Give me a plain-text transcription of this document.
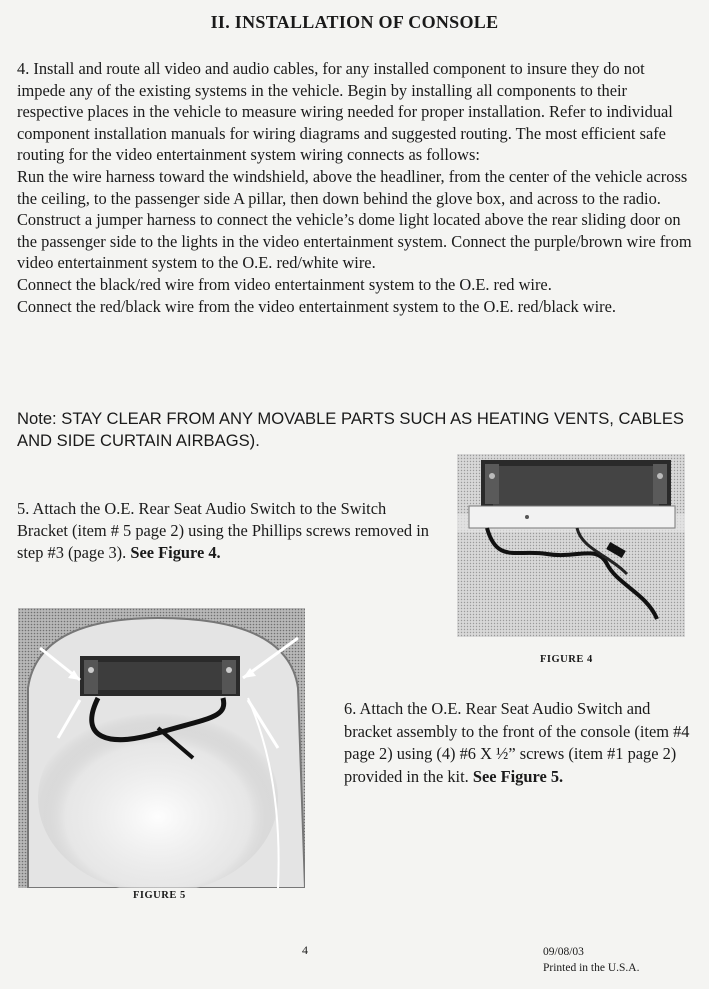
II. INSTALLATION OF CONSOLE

4. Install and route all video and audio cables, for any installed component to insure they do not impede any of the existing systems in the vehicle. Begin by installing all components to their respective places in the vehicle to measure wiring needed for proper installation. Refer to individual component installation manuals for wiring diagrams and suggested routing. The most efficient safe routing for the video entertainment system wiring connects as follows:

Run the wire harness toward the windshield, above the headliner, from the center of the vehicle across the ceiling, to the passenger side A pillar, then down behind the glove box, and across to the radio.

Construct a jumper harness to connect the vehicle’s dome light located above the rear sliding door on the passenger side to the lights in the video entertainment system. Connect the purple/brown wire from video entertainment system to the O.E. red/white wire.

Connect the black/red wire from video entertainment system to the O.E. red wire.

Connect the red/black wire from the video entertainment system to the O.E. red/black wire.

Note: STAY CLEAR FROM ANY MOVABLE PARTS SUCH AS HEATING VENTS, CABLES AND SIDE CURTAIN AIRBAGS).
5. Attach the O.E. Rear Seat Audio Switch to the Switch Bracket (item # 5 page 2) using the Phillips screws removed in step #3 (page 3). See Figure 4.
FIGURE 4
FIGURE 5
6. Attach the O.E. Rear Seat Audio Switch and bracket assembly to the front of the console (item #4 page 2) using (4) #6 X ½” screws (item #1 page 2) provided in the kit. See Figure 5.
4	09/08/03
Printed in the U.S.A.
